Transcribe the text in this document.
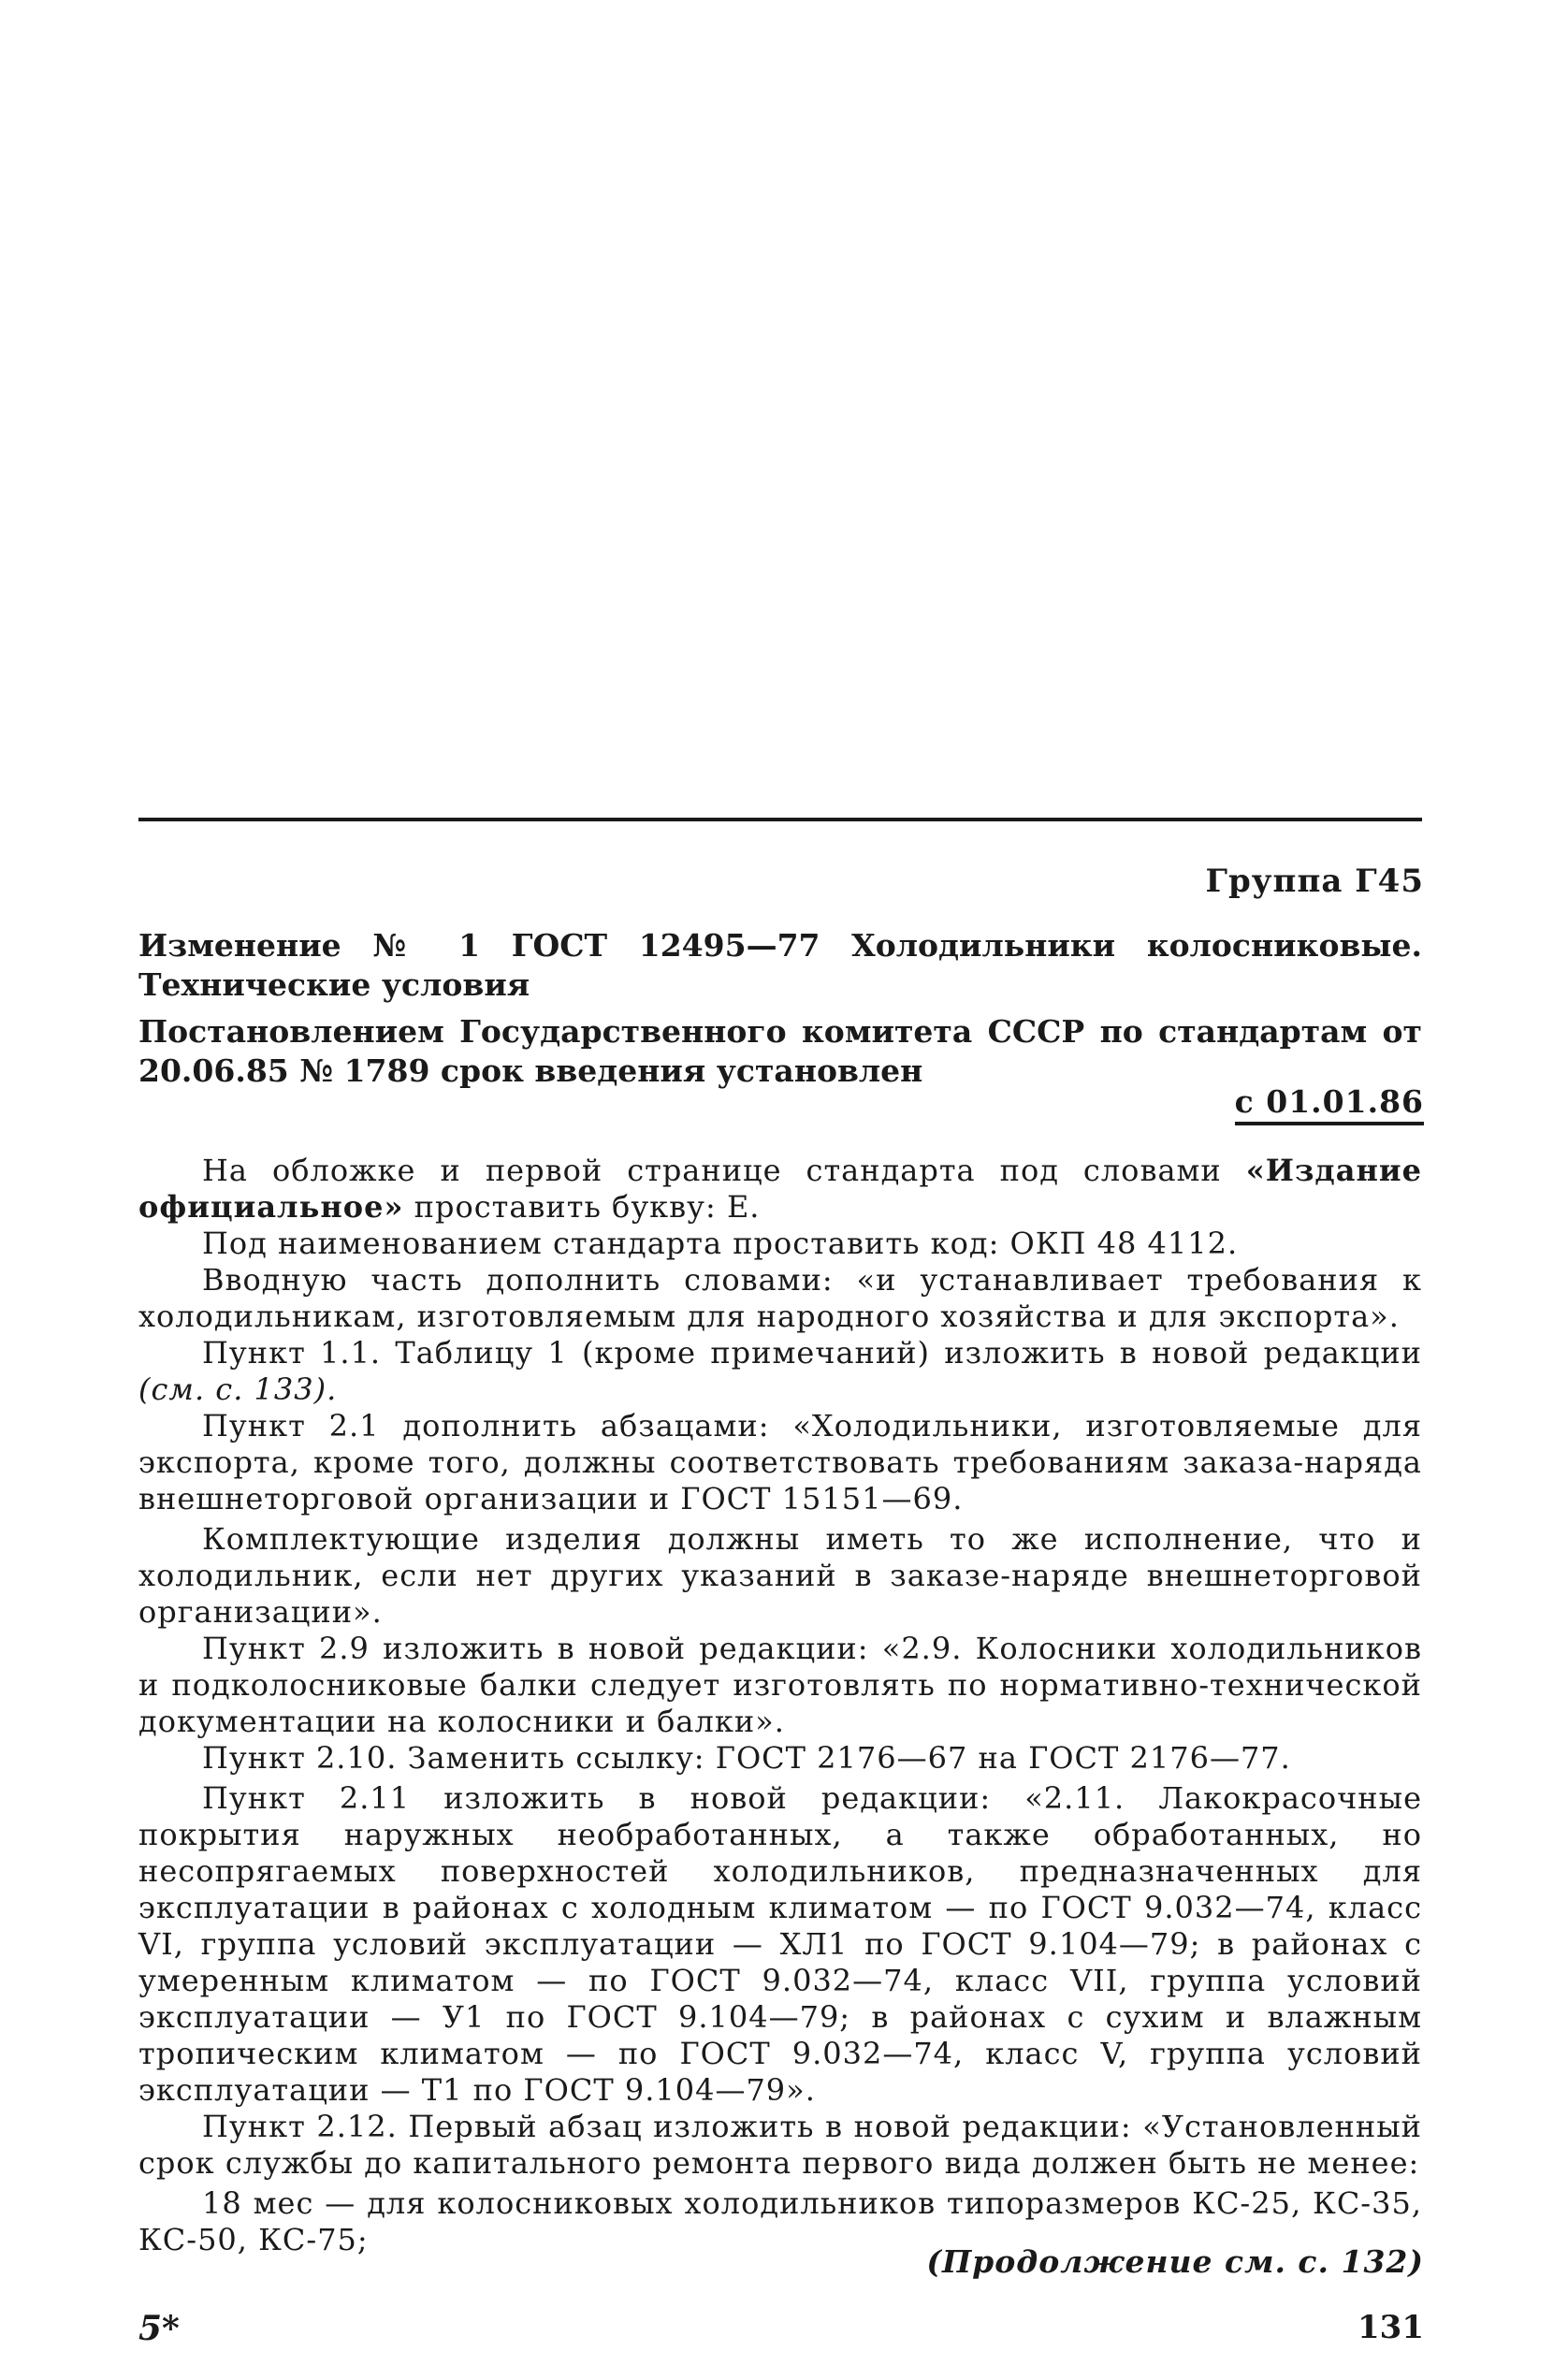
Группа Г45
Изменение № 1 ГОСТ 12495—77 Холодильники колосниковые. Технические условия
Постановлением Государственного комитета СССР по стандартам от 20.06.85 № 1789 срок введения установлен
с 01.01.86

На обложке и первой странице стандарта под словами «Издание официальное» проставить букву: Е.

Под наименованием стандарта проставить код: ОКП 48 4112.

Вводную часть дополнить словами: «и устанавливает требования к холодильникам, изготовляемым для народного хозяйства и для экспорта».

Пункт 1.1. Таблицу 1 (кроме примечаний) изложить в новой редакции (см. с. 133).

Пункт 2.1 дополнить абзацами: «Холодильники, изготовляемые для экспорта, кроме того, должны соответствовать требованиям заказа-наряда внешнеторговой организации и ГОСТ 15151—69.

Комплектующие изделия должны иметь то же исполнение, что и холодильник, если нет других указаний в заказе-наряде внешнеторговой организации».

Пункт 2.9 изложить в новой редакции: «2.9. Колосники холодильников и подколосниковые балки следует изготовлять по нормативно-технической документации на колосники и балки».

Пункт 2.10. Заменить ссылку: ГОСТ 2176—67 на ГОСТ 2176—77.

Пункт 2.11 изложить в новой редакции: «2.11. Лакокрасочные покрытия наружных необработанных, а также обработанных, но несопрягаемых поверхностей холодильников, предназначенных для эксплуатации в районах с холодным климатом — по ГОСТ 9.032—74, класс VI, группа условий эксплуатации — ХЛ1 по ГОСТ 9.104—79; в районах с умеренным климатом — по ГОСТ 9.032—74, класс VII, группа условий эксплуатации — У1 по ГОСТ 9.104—79; в районах с сухим и влажным тропическим климатом — по ГОСТ 9.032—74, класс V, группа условий эксплуатации — Т1 по ГОСТ 9.104—79».

Пункт 2.12. Первый абзац изложить в новой редакции: «Установленный срок службы до капитального ремонта первого вида должен быть не менее:

18 мес — для колосниковых холодильников типоразмеров КС-25, КС-35, КС-50, КС-75;

(Продолжение см. с. 132)
5*	131
